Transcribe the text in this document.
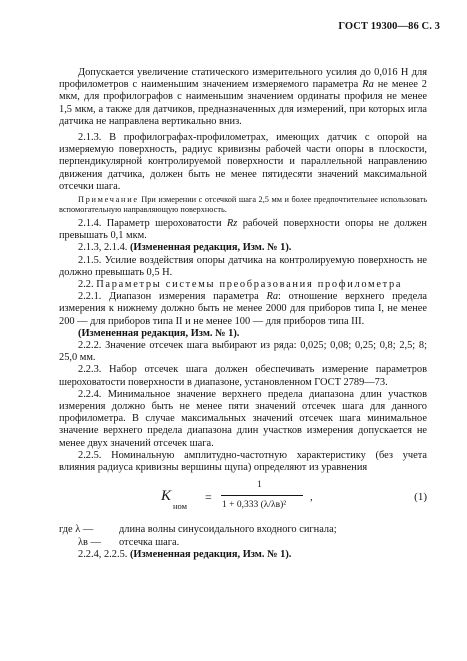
ГОСТ 19300—86 С. 3

Допускается увеличение статического измерительного усилия до 0,016 Н для профилометров с наименьшим значением измеряемого параметра Ra не менее 2 мкм, для профилографов с наименьшим значением ординаты профиля не менее 1,5 мкм, а также для датчиков, предназначенных для измерений, при которых игла датчика не направлена вертикально вниз.

2.1.3. В профилографах-профилометрах, имеющих датчик с опорой на измеряемую поверхность, радиус кривизны рабочей части опоры в плоскости, перпендикулярной контролируемой поверхности и параллельной направлению движения датчика, должен быть не менее пятидесяти значений максимальной отсечки шага.

Примечание При измерении с отсечкой шага 2,5 мм и более предпочтительнее использовать вспомогательную направляющую поверхность.

2.1.4. Параметр шероховатости Rz рабочей поверхности опоры не должен превышать 0,1 мкм.

2.1.3, 2.1.4. (Измененная редакция, Изм. № 1).

2.1.5. Усилие воздействия опоры датчика на контролируемую поверхность не должно превышать 0,5 Н.

2.2. Параметры системы преобразования профилометра

2.2.1. Диапазон измерения параметра Ra: отношение верхнего предела измерения к нижнему должно быть не менее 2000 для приборов типа I, не менее 200 — для приборов типа II и не менее 100 — для приборов типа III.

(Измененная редакция, Изм. № 1).

2.2.2. Значение отсечек шага выбирают из ряда: 0,025; 0,08; 0,25; 0,8; 2,5; 8; 25,0 мм.

2.2.3. Набор отсечек шага должен обеспечивать измерение параметров шероховатости поверхности в диапазоне, установленном ГОСТ 2789—73.

2.2.4. Минимальное значение верхнего предела диапазона длин участков измерения должно быть не менее пяти значений отсечек шага для данного профилометра. В случае максимальных значений отсечек шага минимальное значение верхнего предела диапазона длин участков измерения допускается не менее двух значений отсечек шага.

2.2.5. Номинальную амплитудно-частотную характеристику (без учета влияния радиуса кривизны вершины щупа) определяют из уравнения

K
ном
=
1
1 + 0,333 (λ/λв)²
,	(1)

где λ — длина волны синусоидального входного сигнала;

λв — отсечка шага.

2.2.4, 2.2.5. (Измененная редакция, Изм. № 1).
